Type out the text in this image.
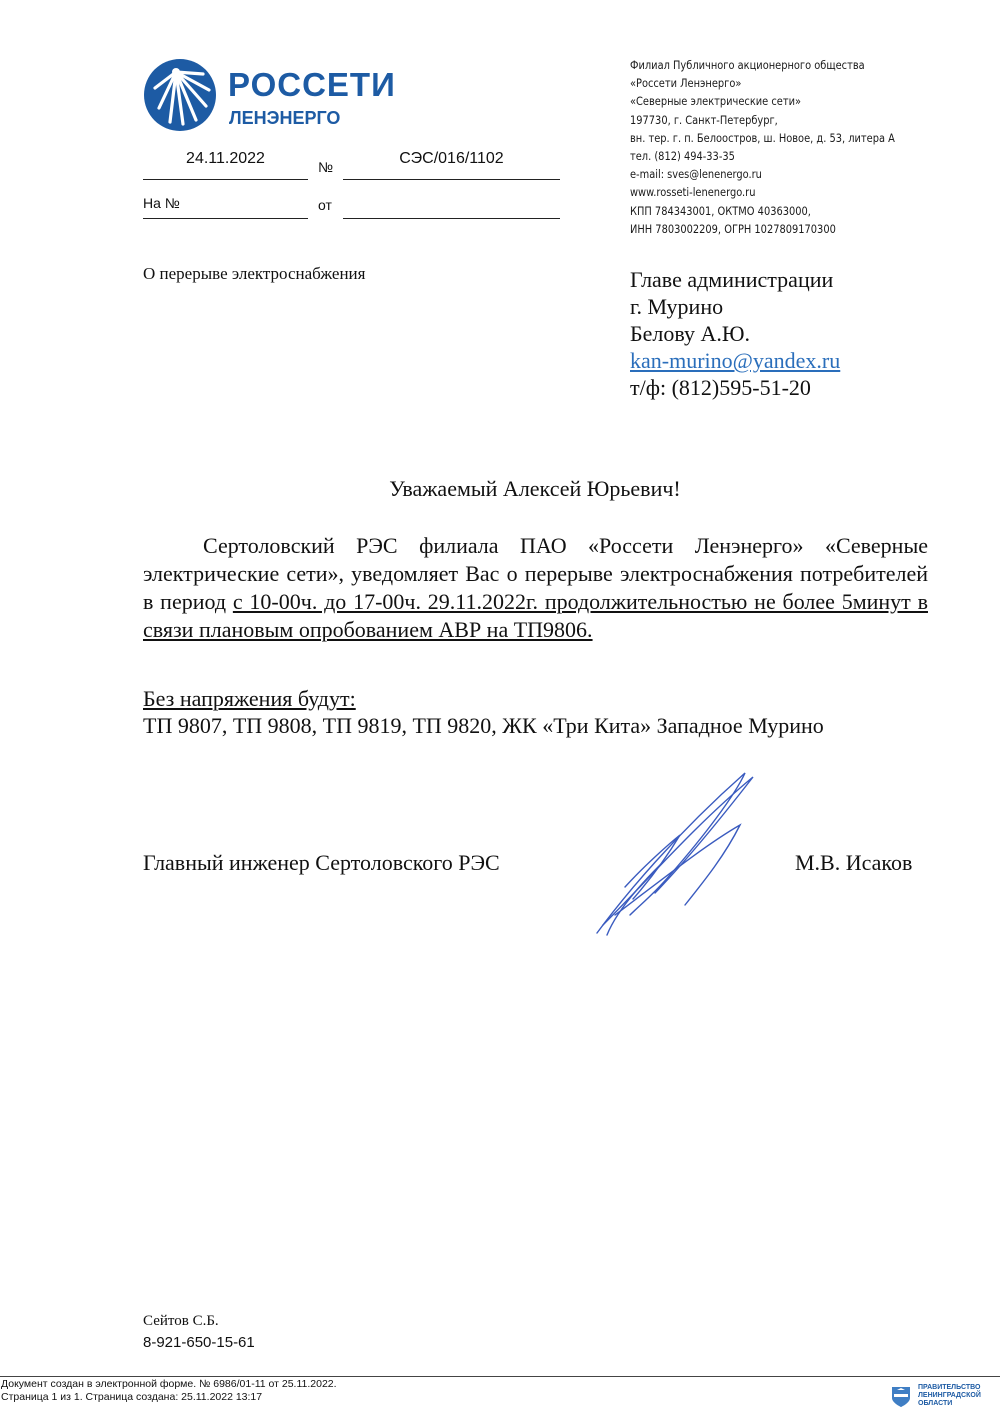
РОССЕТИ
ЛЕНЭНЕРГО
24.11.2022	№	СЭС/016/1102
На №	от
Филиал Публичного акционерного общества
«Россети Ленэнерго»
«Северные электрические сети»
197730, г. Санкт-Петербург,
вн. тер. г. п. Белоостров, ш. Новое, д. 53, литера А
тел. (812) 494-33-35
e-mail: sves@lenenergo.ru
www.rosseti-lenenergo.ru
КПП 784343001, ОКТМО 40363000,
ИНН 7803002209, ОГРН 1027809170300
О перерыве электроснабжения	Главе администрации
г. Мурино
Белову А.Ю.
kan-murino@yandex.ru
т/ф: (812)595-51-20
Уважаемый Алексей Юрьевич!

Сертоловский РЭС филиала ПАО «Россети Ленэнерго» «Северные электрические сети», уведомляет Вас о перерыве электроснабжения потребителей в период с 10-00ч. до 17-00ч. 29.11.2022г. продолжительностью не более 5минут в связи плановым опробованием АВР на ТП9806.

Без напряжения будут:
ТП 9807, ТП 9808, ТП 9819, ТП 9820, ЖК «Три Кита» Западное Мурино
Главный инженер Сертоловского РЭС	М.В. Исаков
Сейтов С.Б.
8-921-650-15-61
Документ создан в электронной форме. № 6986/01-11 от 25.11.2022.
Страница 1 из 1. Страница создана: 25.11.2022 13:17
ПРАВИТЕЛЬСТВО
ЛЕНИНГРАДСКОЙ
ОБЛАСТИ
